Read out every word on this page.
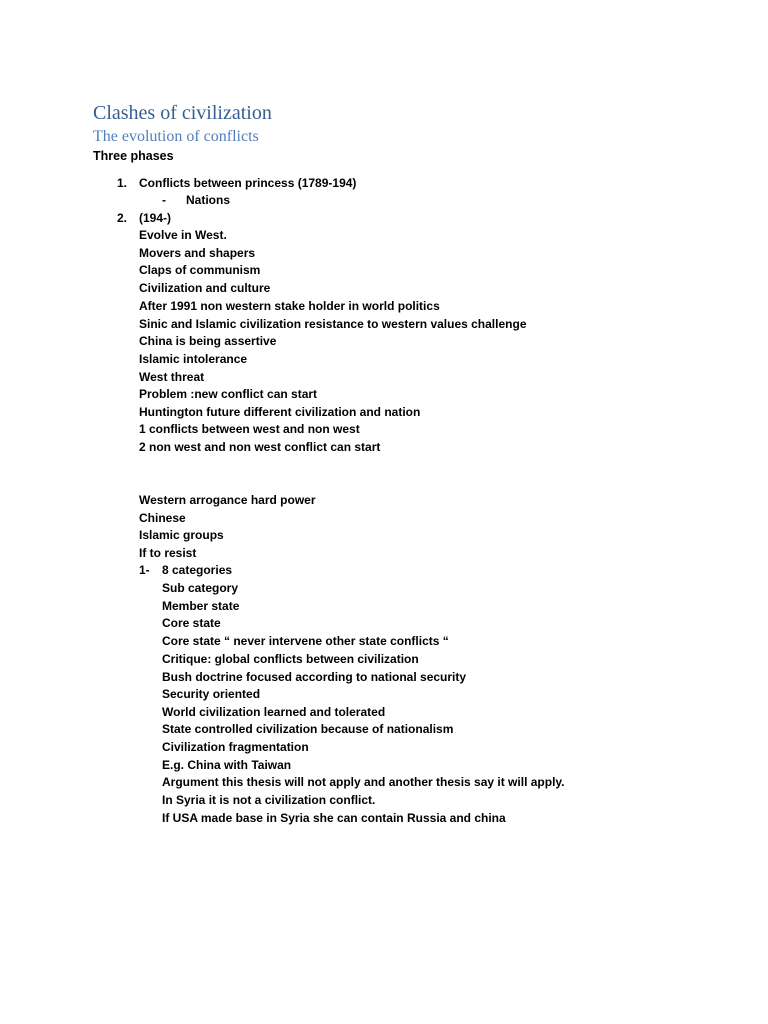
Clashes of civilization
The evolution of conflicts
Three phases
1. Conflicts between princess (1789-194)
- Nations
2. (194-)
Evolve in West.
Movers and shapers
Claps of communism
Civilization and culture
After 1991 non western stake holder in world politics
Sinic and Islamic civilization resistance to western values challenge
China is being assertive
Islamic intolerance
West threat
Problem :new conflict can start
Huntington future different civilization and nation
1 conflicts between west and non west
2 non west and non west conflict can start
Western arrogance hard power
Chinese
Islamic groups
If to resist
1- 8 categories
Sub category
Member state
Core state
Core state “ never intervene other state conflicts “
Critique: global conflicts between civilization
Bush doctrine focused according to national security
Security oriented
World civilization learned and tolerated
State controlled civilization because of nationalism
Civilization fragmentation
E.g. China with Taiwan
Argument this thesis will not apply and another thesis say it will apply.
In Syria it is not a civilization conflict.
If USA made base in Syria she can contain Russia and china
